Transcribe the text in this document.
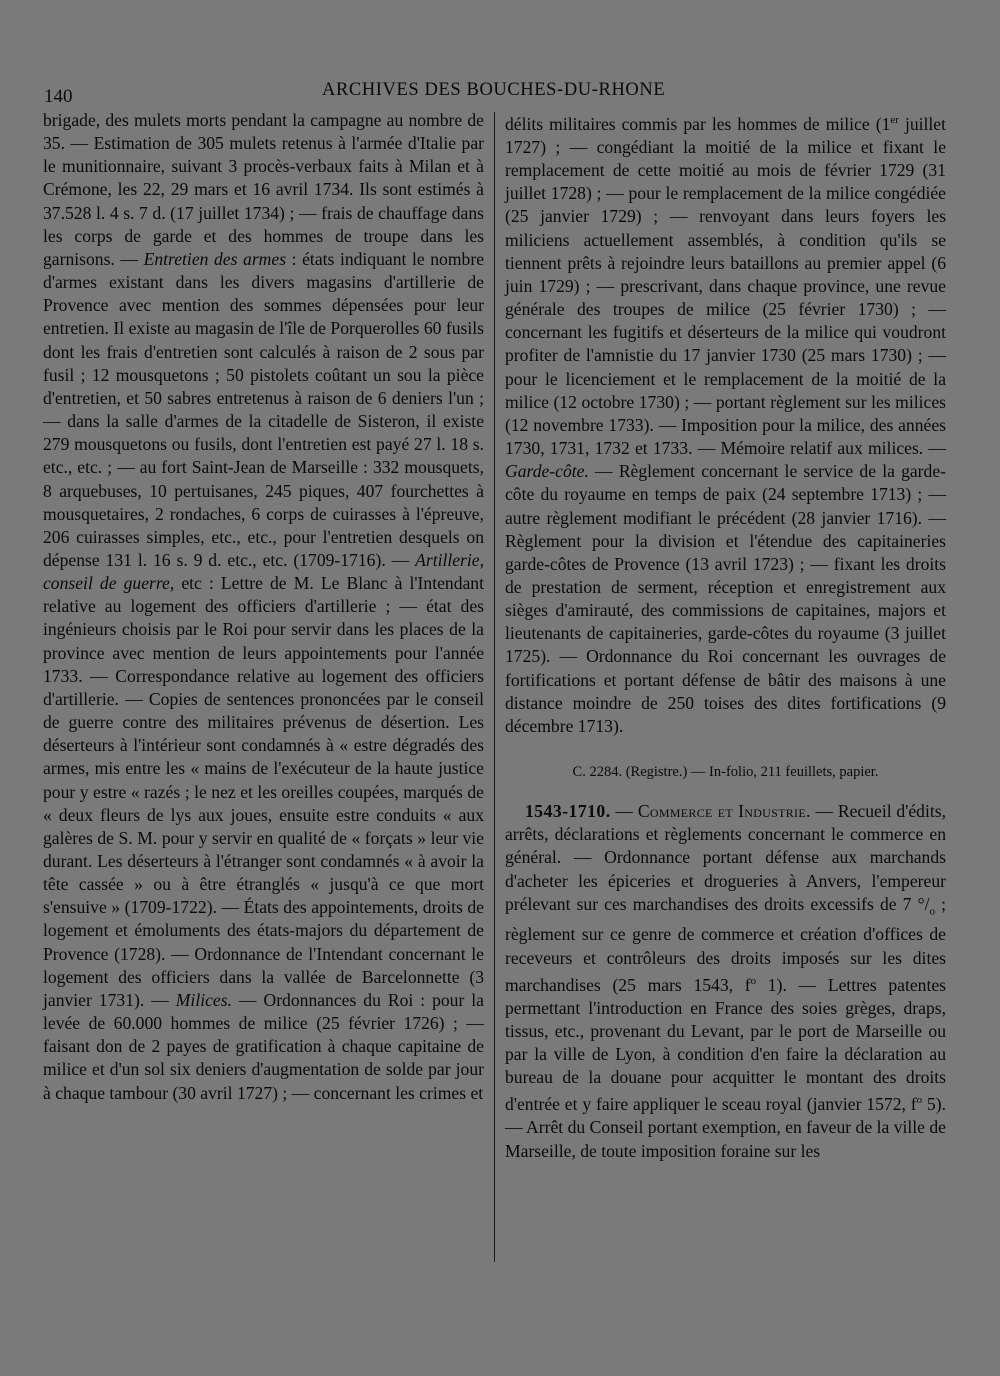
140	ARCHIVES DES BOUCHES-DU-RHONE

brigade, des mulets morts pendant la campagne au nombre de 35. — Estimation de 305 mulets retenus à l'armée d'Italie par le munitionnaire, suivant 3 procès-verbaux faits à Milan et à Crémone, les 22, 29 mars et 16 avril 1734. Ils sont estimés à 37.528 l. 4 s. 7 d. (17 juillet 1734) ; — frais de chauffage dans les corps de garde et des hommes de troupe dans les garnisons. — Entretien des armes : états indiquant le nombre d'armes existant dans les divers magasins d'artillerie de Provence avec mention des sommes dépensées pour leur entretien. Il existe au magasin de l'île de Porquerolles 60 fusils dont les frais d'entretien sont calculés à raison de 2 sous par fusil ; 12 mousquetons ; 50 pistolets coûtant un sou la pièce d'entretien, et 50 sabres entretenus à raison de 6 deniers l'un ; — dans la salle d'armes de la citadelle de Sisteron, il existe 279 mousquetons ou fusils, dont l'entretien est payé 27 l. 18 s. etc., etc. ; — au fort Saint-Jean de Marseille : 332 mousquets, 8 arquebuses, 10 pertuisanes, 245 piques, 407 fourchettes à mousquetaires, 2 rondaches, 6 corps de cuirasses à l'épreuve, 206 cuirasses simples, etc., etc., pour l'entretien desquels on dépense 131 l. 16 s. 9 d. etc., etc. (1709-1716). — Artillerie, conseil de guerre, etc : Lettre de M. Le Blanc à l'Intendant relative au logement des officiers d'artillerie ; — état des ingénieurs choisis par le Roi pour servir dans les places de la province avec mention de leurs appointements pour l'année 1733. — Correspondance relative au logement des officiers d'artillerie. — Copies de sentences prononcées par le conseil de guerre contre des militaires prévenus de désertion. Les déserteurs à l'intérieur sont condamnés à « estre dégradés des armes, mis entre les « mains de l'exécuteur de la haute justice pour y estre « razés ; le nez et les oreilles coupées, marqués de « deux fleurs de lys aux joues, ensuite estre conduits « aux galères de S. M. pour y servir en qualité de « forçats » leur vie durant. Les déserteurs à l'étranger sont condamnés « à avoir la tête cassée » ou à être étranglés « jusqu'à ce que mort s'ensuive » (1709-1722). — États des appointements, droits de logement et émoluments des états-majors du département de Provence (1728). — Ordonnance de l'Intendant concernant le logement des officiers dans la vallée de Barcelonnette (3 janvier 1731). — Milices. — Ordonnances du Roi : pour la levée de 60.000 hommes de milice (25 février 1726) ; — faisant don de 2 payes de gratification à chaque capitaine de milice et d'un sol six deniers d'augmentation de solde par jour à chaque tambour (30 avril 1727) ; — concernant les crimes et

délits militaires commis par les hommes de milice (1er juillet 1727) ; — congédiant la moitié de la milice et fixant le remplacement de cette moitié au mois de février 1729 (31 juillet 1728) ; — pour le remplacement de la milice congédiée (25 janvier 1729) ; — renvoyant dans leurs foyers les miliciens actuellement assemblés, à condition qu'ils se tiennent prêts à rejoindre leurs bataillons au premier appel (6 juin 1729) ; — prescrivant, dans chaque province, une revue générale des troupes de milice (25 février 1730) ; — concernant les fugitifs et déserteurs de la milice qui voudront profiter de l'amnistie du 17 janvier 1730 (25 mars 1730) ; — pour le licenciement et le remplacement de la moitié de la milice (12 octobre 1730) ; — portant règlement sur les milices (12 novembre 1733). — Imposition pour la milice, des années 1730, 1731, 1732 et 1733. — Mémoire relatif aux milices. — Garde-côte. — Règlement concernant le service de la garde-côte du royaume en temps de paix (24 septembre 1713) ; — autre règlement modifiant le précédent (28 janvier 1716). — Règlement pour la division et l'étendue des capitaineries garde-côtes de Provence (13 avril 1723) ; — fixant les droits de prestation de serment, réception et enregistrement aux sièges d'amirauté, des commissions de capitaines, majors et lieutenants de capitaineries, garde-côtes du royaume (3 juillet 1725). — Ordonnance du Roi concernant les ouvrages de fortifications et portant défense de bâtir des maisons à une distance moindre de 250 toises des dites fortifications (9 décembre 1713).

C. 2284. (Registre.) — In-folio, 211 feuillets, papier.

1543-1710. — Commerce et Industrie. — Recueil d'édits, arrêts, déclarations et règlements concernant le commerce en général. — Ordonnance portant défense aux marchands d'acheter les épiceries et drogueries à Anvers, l'empereur prélevant sur ces marchandises des droits excessifs de 7 $^\circ/_o$ ; règlement sur ce genre de commerce et création d'offices de receveurs et contrôleurs des droits imposés sur les dites marchandises (25 mars 1543, $f^o$ 1). — Lettres patentes permettant l'introduction en France des soies grèges, draps, tissus, etc., provenant du Levant, par le port de Marseille ou par la ville de Lyon, à condition d'en faire la déclaration au bureau de la douane pour acquitter le montant des droits d'entrée et y faire appliquer le sceau royal (janvier 1572, $f^o$ 5). — Arrêt du Conseil portant exemption, en faveur de la ville de Marseille, de toute imposition foraine sur les
